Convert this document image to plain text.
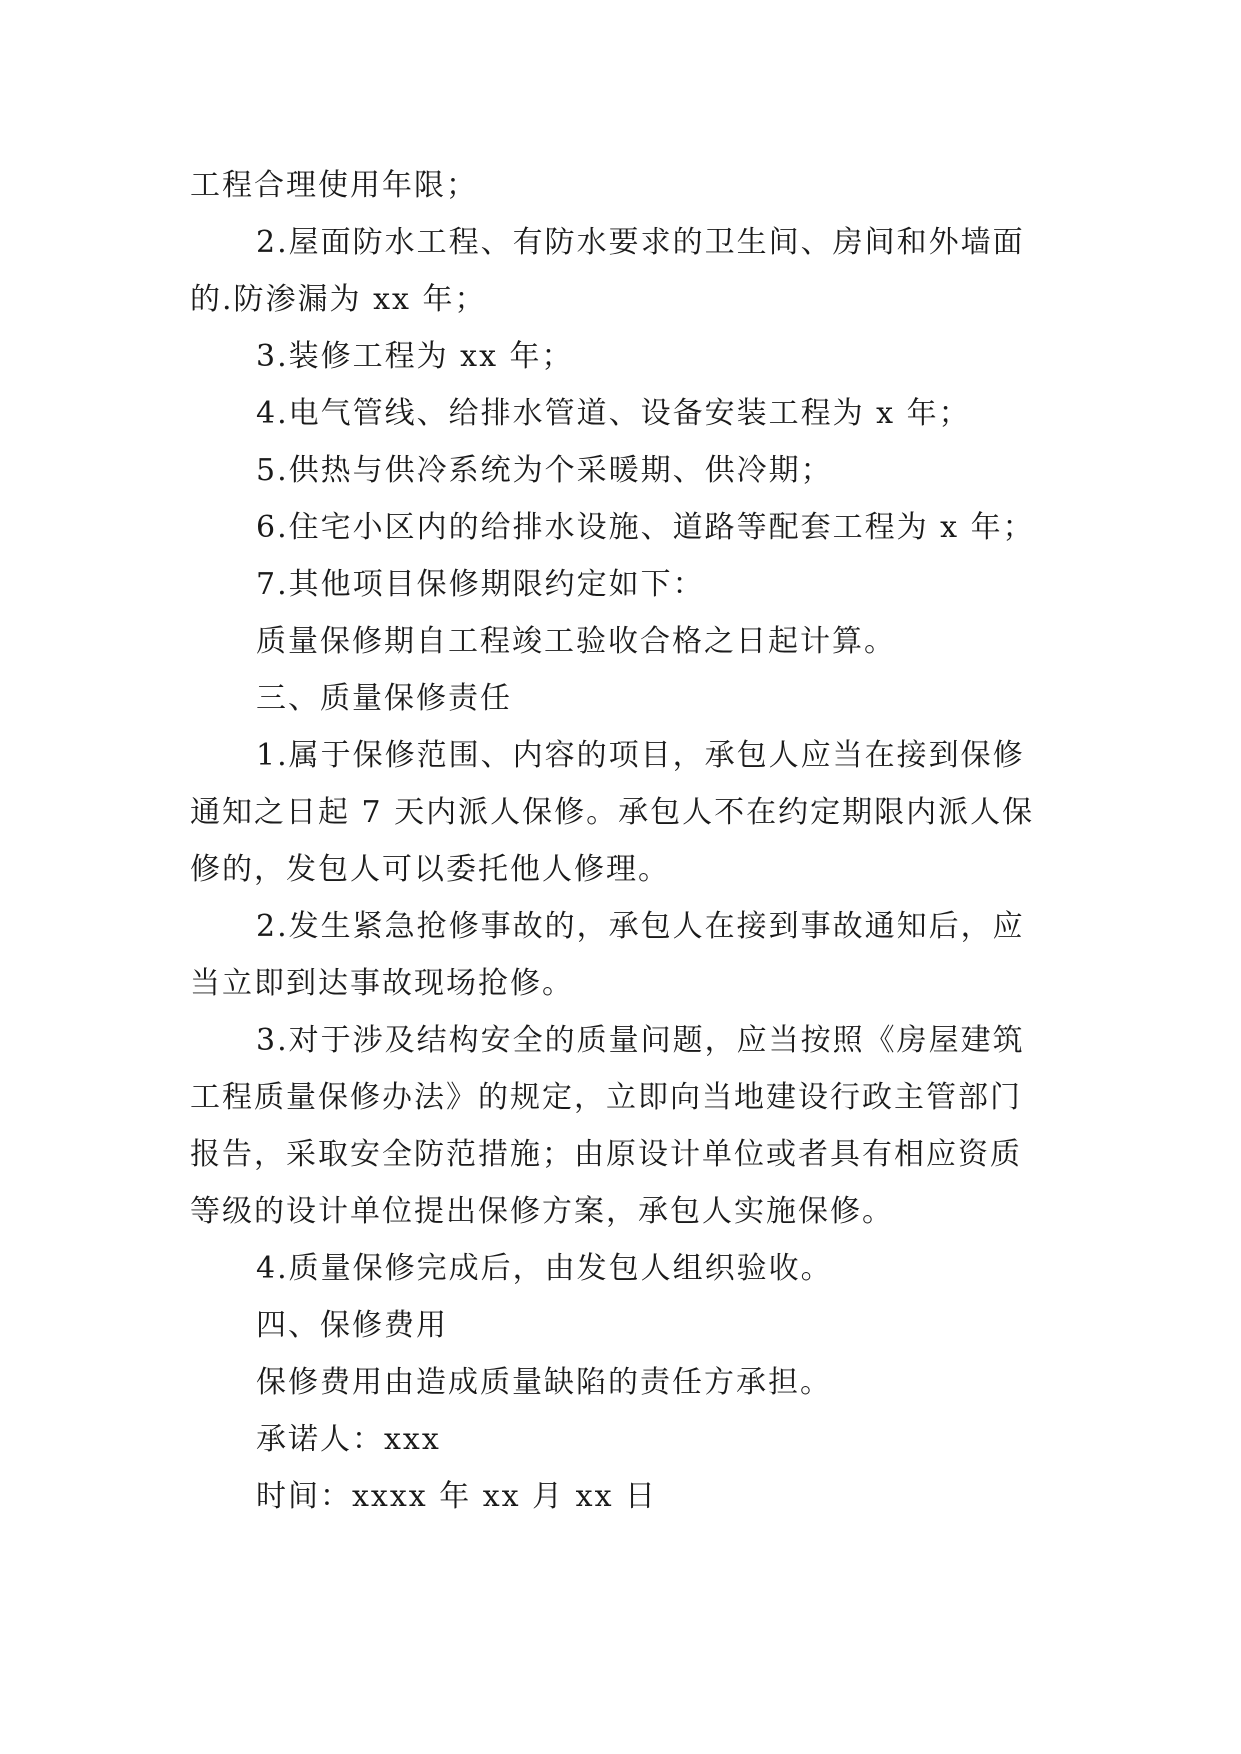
工程合理使用年限；

2.屋面防水工程、有防水要求的卫生间、房间和外墙面

的.防渗漏为 xx 年；

3.装修工程为 xx 年；

4.电气管线、给排水管道、设备安装工程为 x 年；

5.供热与供冷系统为个采暖期、供冷期；

6.住宅小区内的给排水设施、道路等配套工程为 x 年；

7.其他项目保修期限约定如下：

质量保修期自工程竣工验收合格之日起计算。

三、质量保修责任

1.属于保修范围、内容的项目，承包人应当在接到保修

通知之日起 7 天内派人保修。承包人不在约定期限内派人保

修的，发包人可以委托他人修理。

2.发生紧急抢修事故的，承包人在接到事故通知后，应

当立即到达事故现场抢修。

3.对于涉及结构安全的质量问题，应当按照《房屋建筑

工程质量保修办法》的规定，立即向当地建设行政主管部门

报告，采取安全防范措施；由原设计单位或者具有相应资质

等级的设计单位提出保修方案，承包人实施保修。

4.质量保修完成后，由发包人组织验收。

四、保修费用

保修费用由造成质量缺陷的责任方承担。

承诺人：xxx

时间：xxxx 年 xx 月 xx 日
